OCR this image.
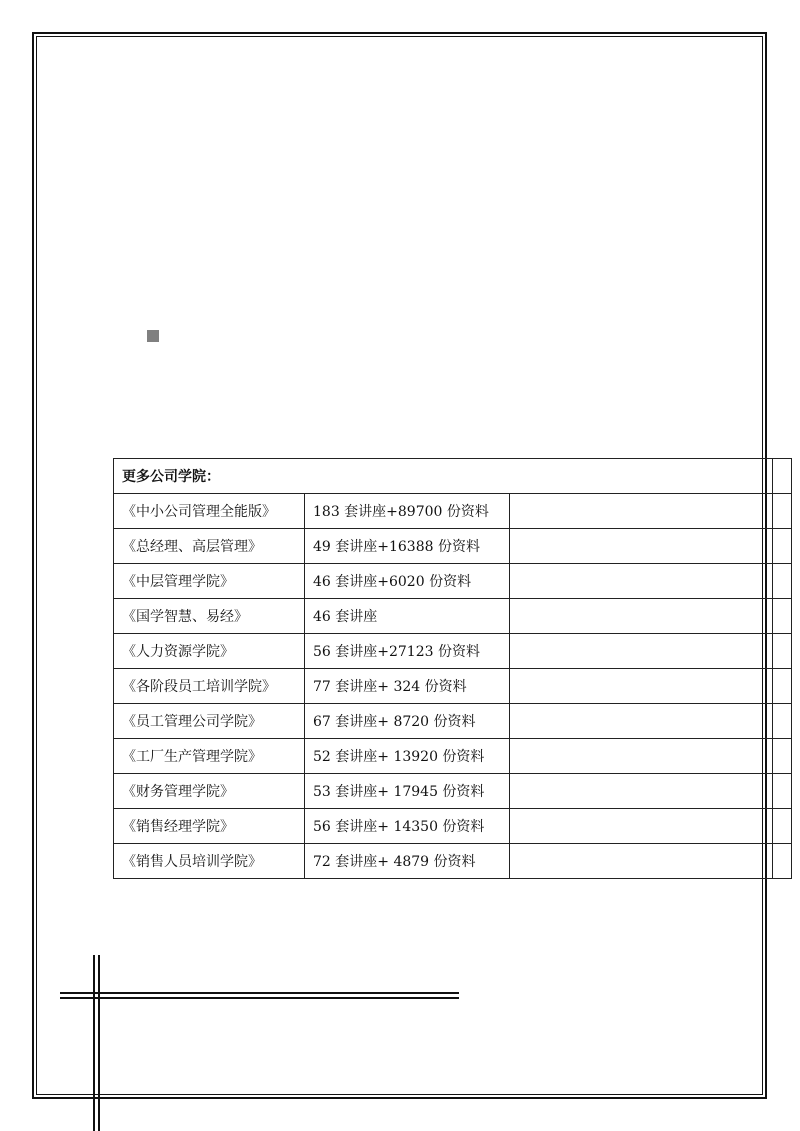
更多公司学院：			
《中小公司管理全能版》	183 套讲座+89700 份资料		
《总经理、高层管理》	49 套讲座+16388 份资料		
《中层管理学院》	46 套讲座+6020 份资料		
《国学智慧、易经》	46 套讲座		
《人力资源学院》	56 套讲座+27123 份资料		
《各阶段员工培训学院》	77 套讲座+ 324 份资料		
《员工管理公司学院》	67 套讲座+ 8720 份资料		
《工厂生产管理学院》	52 套讲座+ 13920 份资料		
《财务管理学院》	53 套讲座+ 17945 份资料		
《销售经理学院》	56 套讲座+ 14350 份资料		
《销售人员培训学院》	72 套讲座+ 4879 份资料		
